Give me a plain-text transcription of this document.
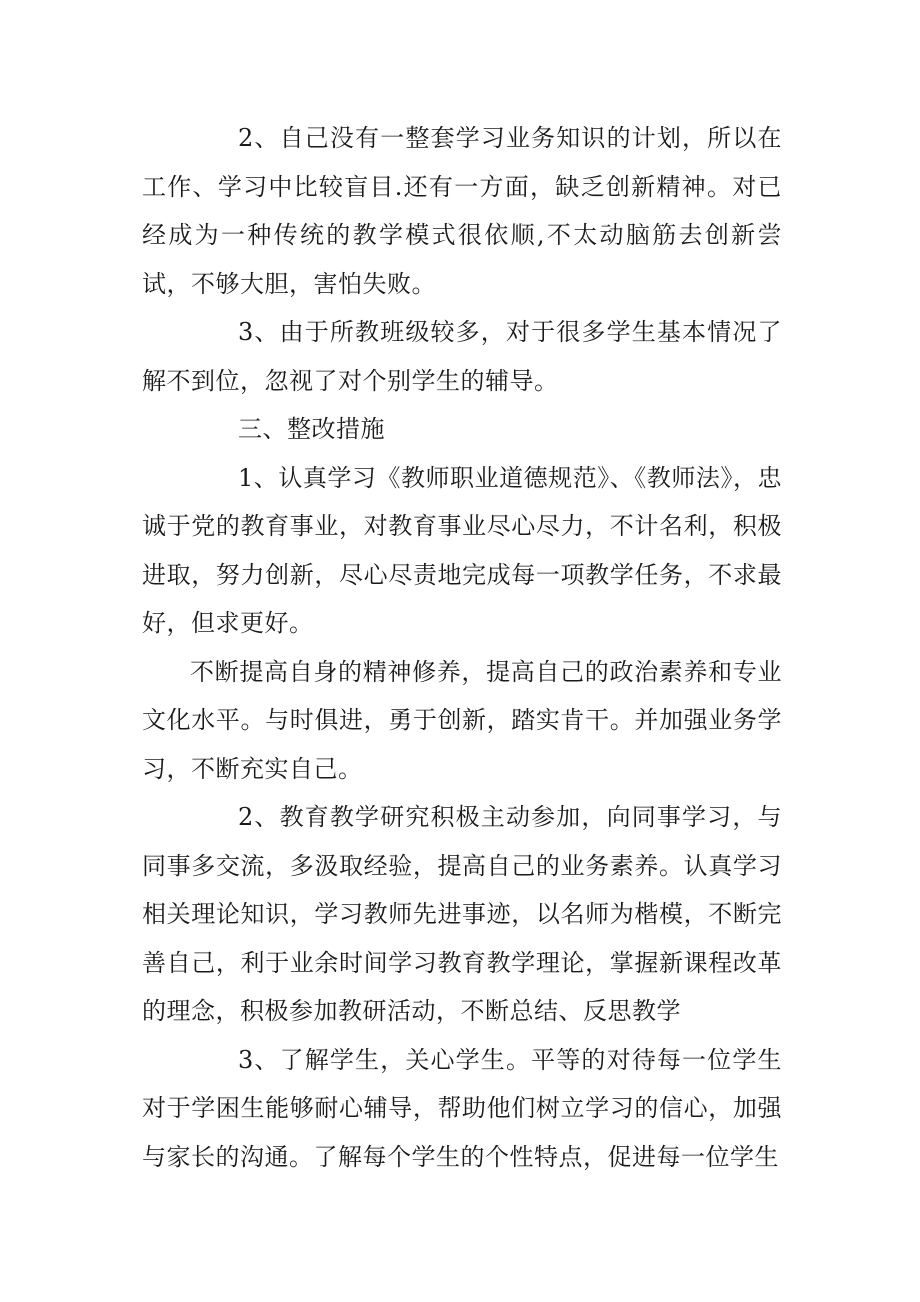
2、自己没有一整套学习业务知识的计划，所以在工作、学习中比较盲目.还有一方面，缺乏创新精神。对已经成为一种传统的教学模式很依顺,不太动脑筋去创新尝试，不够大胆，害怕失败。

3、由于所教班级较多，对于很多学生基本情况了解不到位，忽视了对个别学生的辅导。

三、整改措施

1、认真学习《教师职业道德规范》、《教师法》，忠诚于党的教育事业，对教育事业尽心尽力，不计名利，积极进取，努力创新，尽心尽责地完成每一项教学任务，不求最好，但求更好。

不断提高自身的精神修养，提高自己的政治素养和专业文化水平。与时俱进，勇于创新，踏实肯干。并加强业务学习，不断充实自己。

2、教育教学研究积极主动参加，向同事学习，与同事多交流，多汲取经验，提高自己的业务素养。认真学习相关理论知识，学习教师先进事迹，以名师为楷模，不断完善自己，利于业余时间学习教育教学理论，掌握新课程改革的理念，积极参加教研活动，不断总结、反思教学

3、了解学生，关心学生。平等的对待每一位学生对于学困生能够耐心辅导，帮助他们树立学习的信心，加强与家长的沟通。了解每个学生的个性特点，促进每一位学生
